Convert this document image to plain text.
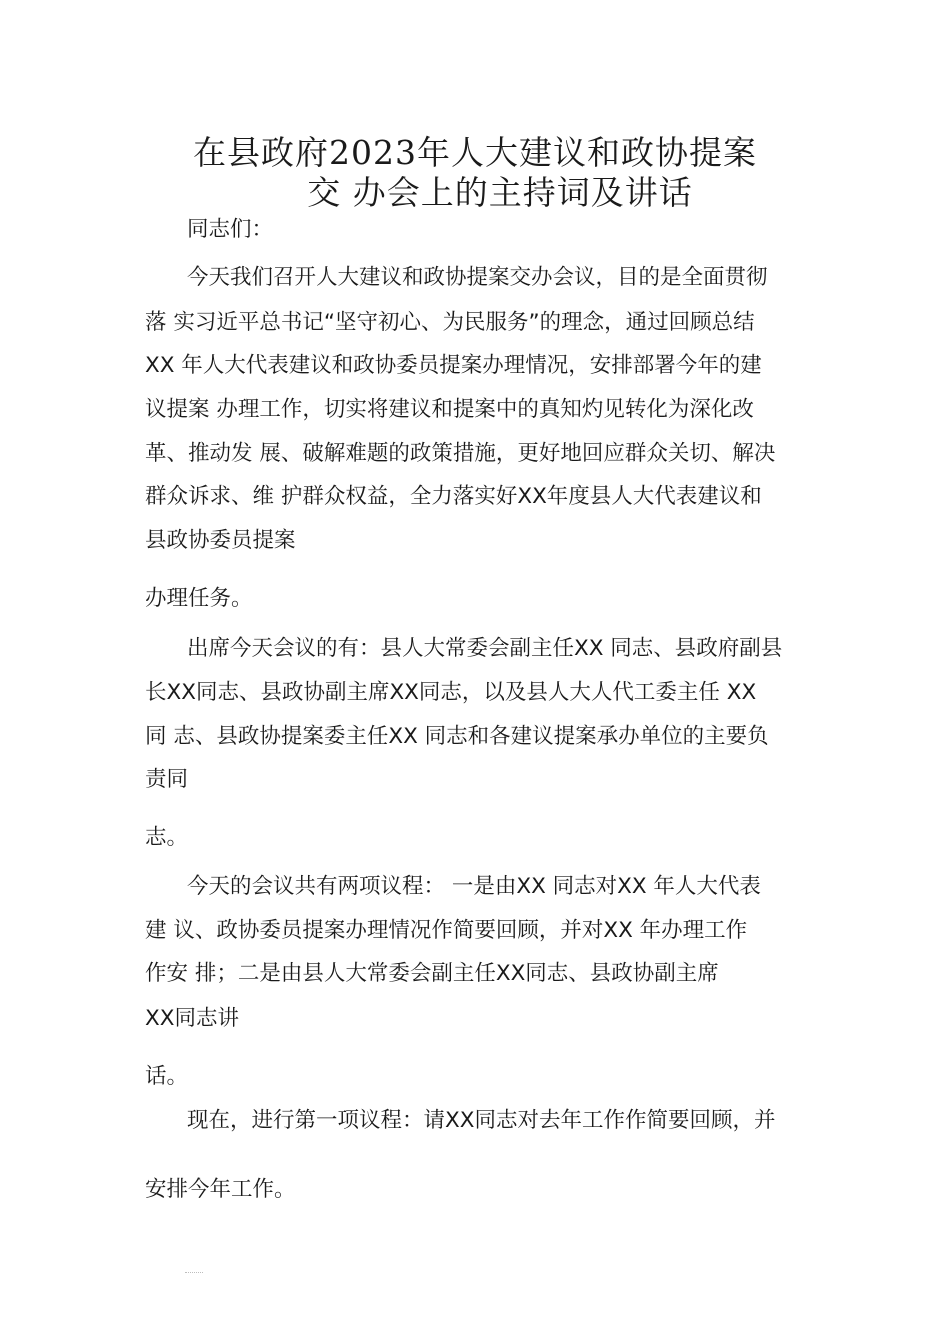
在县政府2023年人大建议和政协提案
交 办会上的主持词及讲话

同志们：

今天我们召开人大建议和政协提案交办会议，目的是全面贯彻

落 实习近平总书记“坚守初心、为民服务”的理念，通过回顾总结

XX 年人大代表建议和政协委员提案办理情况，安排部署今年的建

议提案 办理工作，切实将建议和提案中的真知灼见转化为深化改

革、推动发 展、破解难题的政策措施，更好地回应群众关切、解决

群众诉求、维 护群众权益，全力落实好XX年度县人大代表建议和

县政协委员提案

办理任务。

出席今天会议的有：县人大常委会副主任XX 同志、县政府副县

长XX同志、县政协副主席XX同志，以及县人大人代工委主任 XX

同 志、县政协提案委主任XX 同志和各建议提案承办单位的主要负

责同

志。

今天的会议共有两项议程： 一是由XX 同志对XX 年人大代表

建 议、政协委员提案办理情况作简要回顾，并对XX 年办理工作

作安 排；二是由县人大常委会副主任XX同志、县政协副主席

XX同志讲

话。

现在，进行第一项议程：请XX同志对去年工作作简要回顾，并

安排今年工作。
